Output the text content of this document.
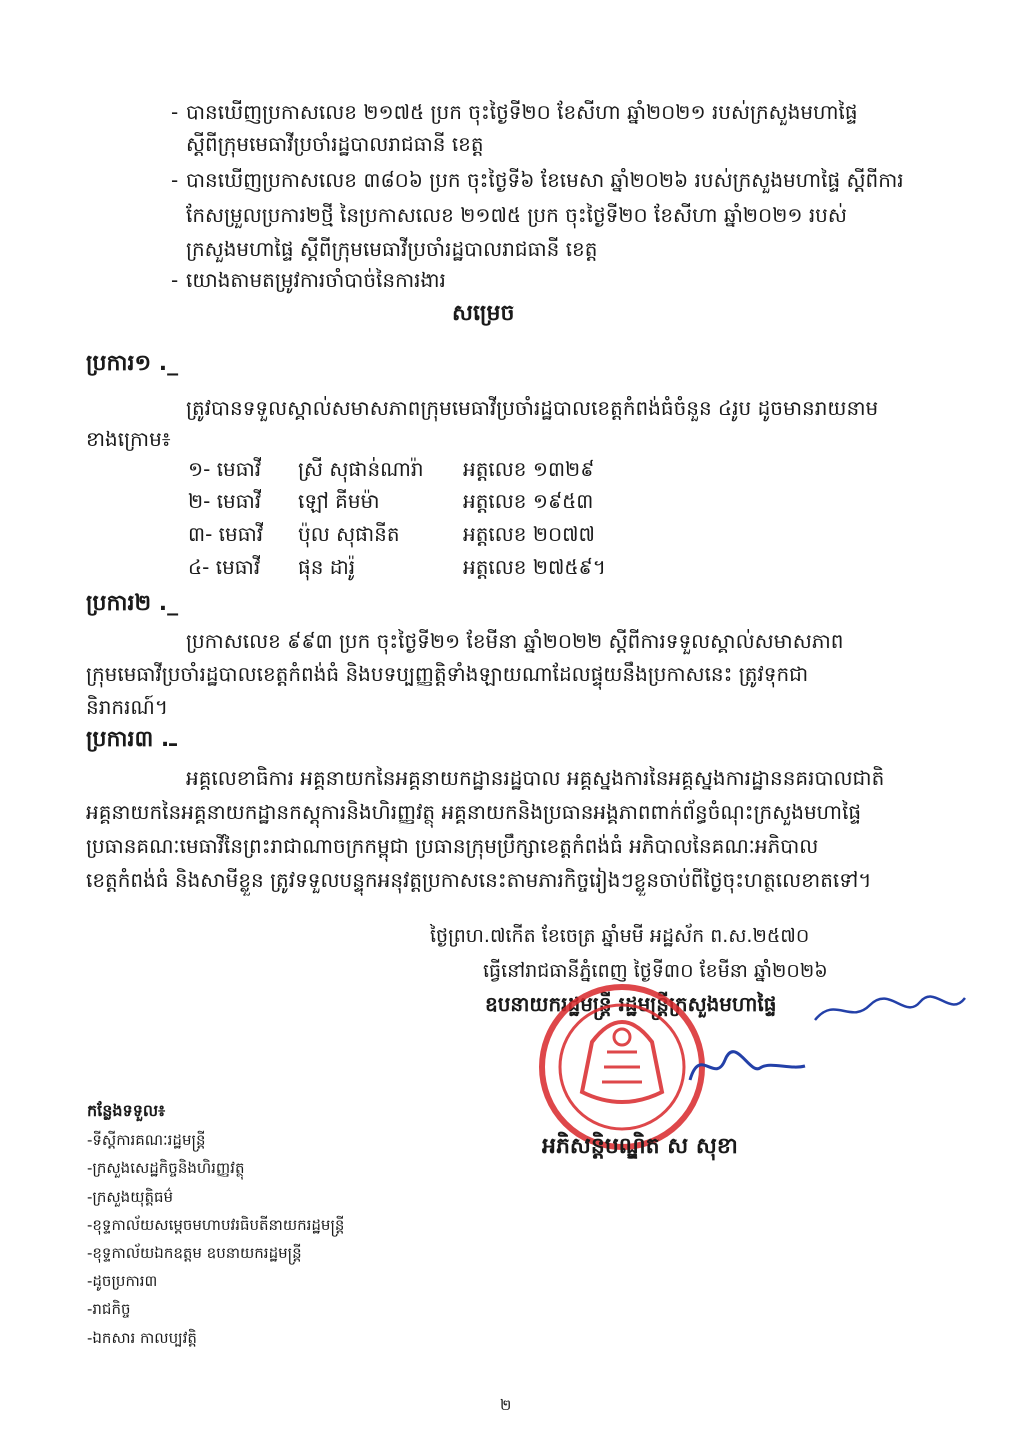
- បានឃើញប្រកាសលេខ ២១៧៥ ប្រក ចុះថ្ងៃទី២០ ខែសីហា ឆ្នាំ២០២១ របស់ក្រសួងមហាផ្ទៃ
ស្តីពីក្រុមមេធាវីប្រចាំរដ្ឋបាលរាជធានី ខេត្ត
- បានឃើញប្រកាសលេខ ៣៨០៦ ប្រក ចុះថ្ងៃទី៦ ខែមេសា ឆ្នាំ២០២៦ របស់ក្រសួងមហាផ្ទៃ ស្តីពីការ
កែសម្រួលប្រការ២ថ្មី នៃប្រកាសលេខ ២១៧៥ ប្រក ចុះថ្ងៃទី២០ ខែសីហា ឆ្នាំ២០២១ របស់
ក្រសួងមហាផ្ទៃ ស្តីពីក្រុមមេធាវីប្រចាំរដ្ឋបាលរាជធានី ខេត្ត
- យោងតាមតម្រូវការចាំបាច់នៃការងារ
សម្រេច
ប្រការ១ ._
ត្រូវបានទទួលស្គាល់សមាសភាពក្រុមមេធាវីប្រចាំរដ្ឋបាលខេត្តកំពង់ធំចំនួន ៤រូប ដូចមានរាយនាម
ខាងក្រោម៖
១- មេធាវី ស្រី សុផាន់ណារ៉ា អត្តលេខ ១៣២៩
២- មេធាវី ឡៅ គីមម៉ា	អត្តលេខ ១៩៥៣
៣- មេធាវី ប៉ុល សុផានីត	អត្តលេខ ២០៧៧
៤- មេធាវី ផុន ដារ៉ូ	អត្តលេខ ២៧៥៩។
ប្រការ២ ._
ប្រកាសលេខ ៩៩៣ ប្រក ចុះថ្ងៃទី២១ ខែមីនា ឆ្នាំ២០២២ ស្តីពីការទទួលស្គាល់សមាសភាព
ក្រុមមេធាវីប្រចាំរដ្ឋបាលខេត្តកំពង់ធំ និងបទប្បញ្ញត្តិទាំងឡាយណាដែលផ្ទុយនឹងប្រកាសនេះ ត្រូវទុកជា
និរាករណ៍។
ប្រការ៣ .ـ
អគ្គលេខាធិការ អគ្គនាយកនៃអគ្គនាយកដ្ឋានរដ្ឋបាល អគ្គស្នងការនៃអគ្គស្នងការដ្ឋាននគរបាលជាតិ
អគ្គនាយកនៃអគ្គនាយកដ្ឋានកស្តុការនិងហិរញ្ញវត្ថុ អគ្គនាយកនិងប្រធានអង្គភាពពាក់ព័ន្ធចំណុះក្រសួងមហាផ្ទៃ
ប្រធានគណៈមេធាវីនៃព្រះរាជាណាចក្រកម្ពុជា ប្រធានក្រុមប្រឹក្សាខេត្តកំពង់ធំ អភិបាលនៃគណៈអភិបាល
ខេត្តកំពង់ធំ និងសាមីខ្លួន ត្រូវទទួលបន្ទុកអនុវត្តប្រកាសនេះតាមភារកិច្ចរៀងៗខ្លួនចាប់ពីថ្ងៃចុះហត្ថលេខាតទៅ។
ថ្ងៃព្រហ.៧កើត ខែចេត្រ ឆ្នាំមមី អដ្ឋស័ក ព.ស.២៥៧០
ធ្វើនៅរាជធានីភ្នំពេញ ថ្ងៃទី៣០ ខែមីនា ឆ្នាំ២០២៦
ឧបនាយករដ្ឋមន្ត្រី រដ្ឋមន្ត្រីក្រសួងមហាផ្ទៃ
អភិសន្តិបណ្ឌិត ស សុខា
កន្លែងទទួល៖
-ទីស្តីការគណៈរដ្ឋមន្ត្រី
-ក្រសួងសេដ្ឋកិច្ចនិងហិរញ្ញវត្ថុ
-ក្រសួងយុត្តិធម៌
-ខុទ្ទកាល័យសម្តេចមហាបវរធិបតីនាយករដ្ឋមន្ត្រី
-ខុទ្ទកាល័យឯកឧត្តម ឧបនាយករដ្ឋមន្ត្រី
-ដូចប្រការ៣
-រាជកិច្ច
-ឯកសារ កាលប្បវត្តិ
២
